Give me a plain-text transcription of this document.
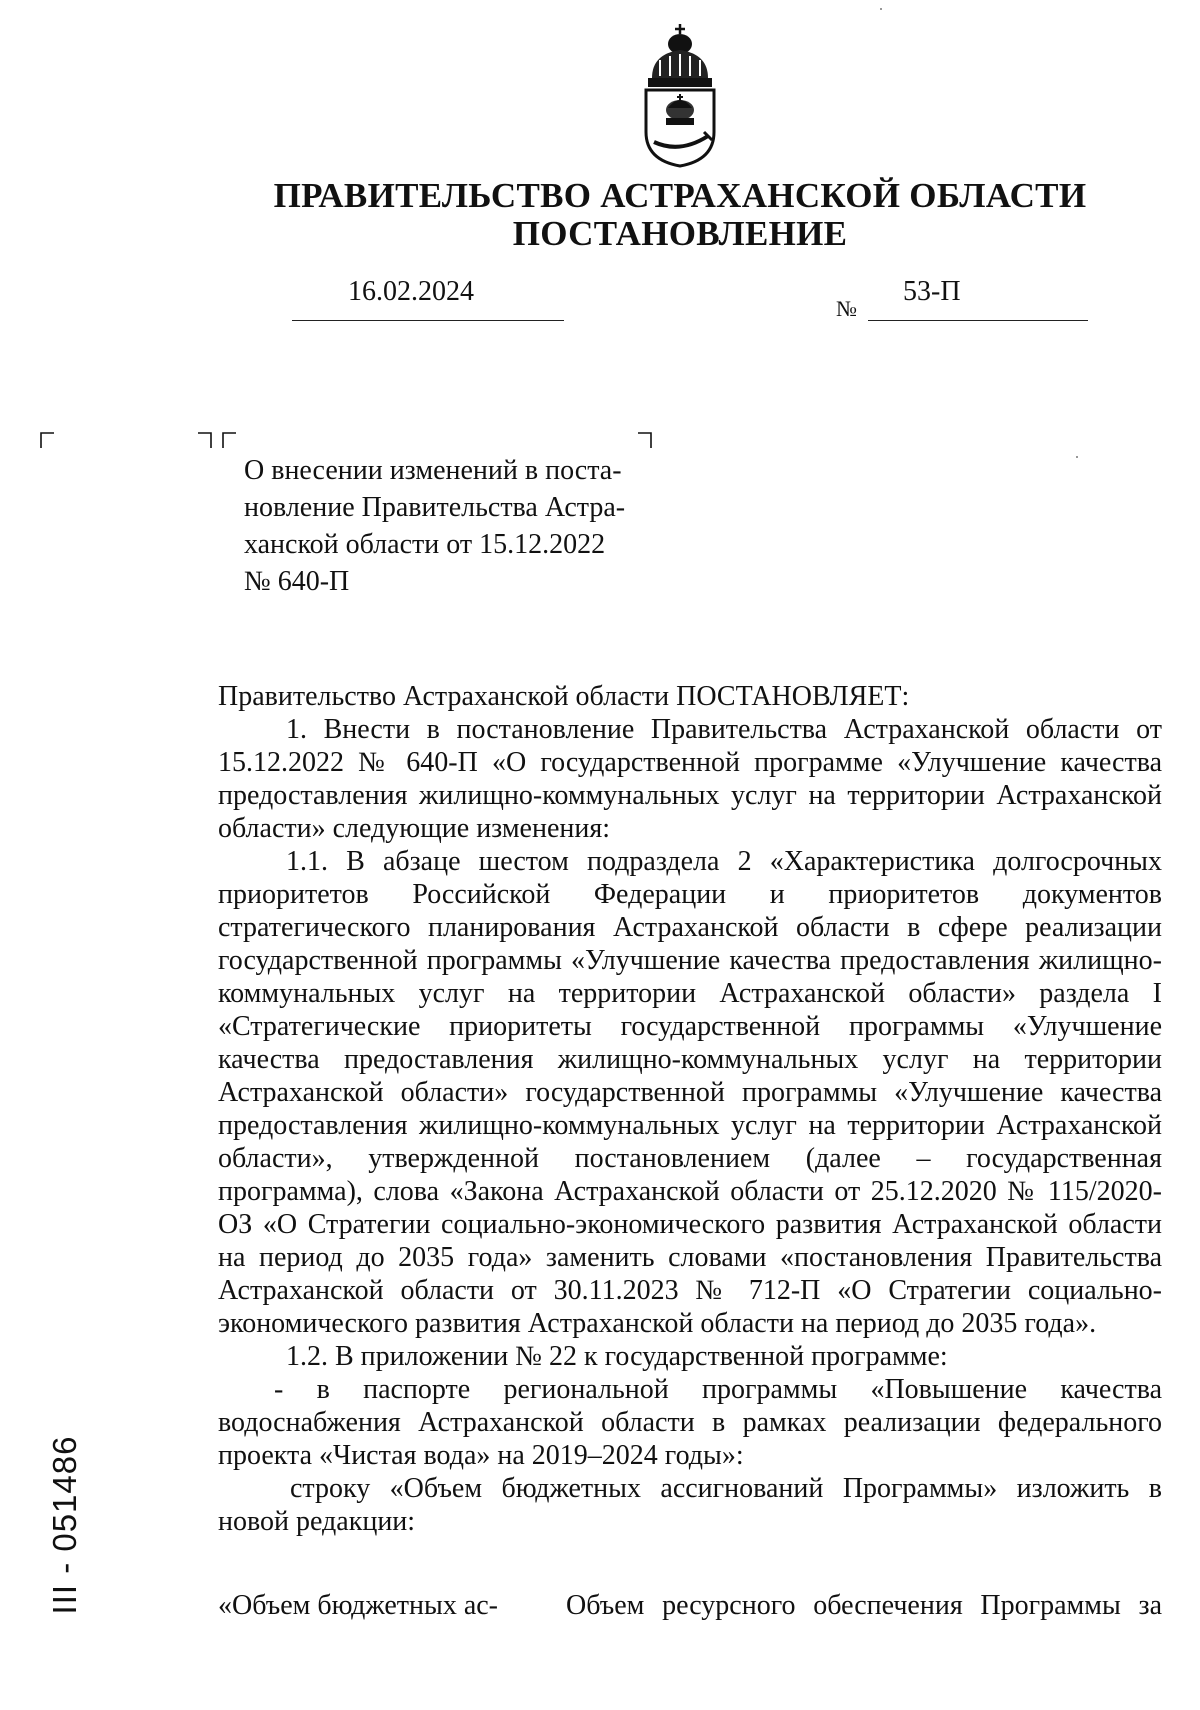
ПРАВИТЕЛЬСТВО АСТРАХАНСКОЙ ОБЛАСТИ
ПОСТАНОВЛЕНИЕ
16.02.2024
№
53-П

О внесении изменений в поста-

новление Правительства Астра-

ханской области от 15.12.2022

№ 640-П

Правительство Астраханской области ПОСТАНОВЛЯЕТ:

1. Внести в постановление Правительства Астраханской области от 15.12.2022 № 640-П «О государственной программе «Улучшение качества предоставления жилищно-коммунальных услуг на территории Астраханской области» следующие изменения:

1.1. В абзаце шестом подраздела 2 «Характеристика долгосрочных приоритетов Российской Федерации и приоритетов документов стратегического планирования Астраханской области в сфере реализации государственной программы «Улучшение качества предоставления жилищно-коммунальных услуг на территории Астраханской области» раздела I «Стратегические приоритеты государственной программы «Улучшение качества предоставления жилищно-коммунальных услуг на территории Астраханской области» государственной программы «Улучшение качества предоставления жилищно-коммунальных услуг на территории Астраханской области», утвержденной постановлением (далее – государственная программа), слова «Закона Астраханской области от 25.12.2020 № 115/2020-ОЗ «О Стратегии социально-экономического развития Астраханской области на период до 2035 года» заменить словами «постановления Правительства Астраханской области от 30.11.2023 № 712-П «О Стратегии социально-экономического развития Астраханской области на период до 2035 года».

1.2. В приложении № 22 к государственной программе:

- в паспорте региональной программы «Повышение качества водоснабжения Астраханской области в рамках реализации федерального проекта «Чистая вода» на 2019–2024 годы»:

строку «Объем бюджетных ассигнований Программы» изложить в новой редакции:

«Объем бюджетных ас- Объем ресурсного обеспечения Программы за
III - 051486
